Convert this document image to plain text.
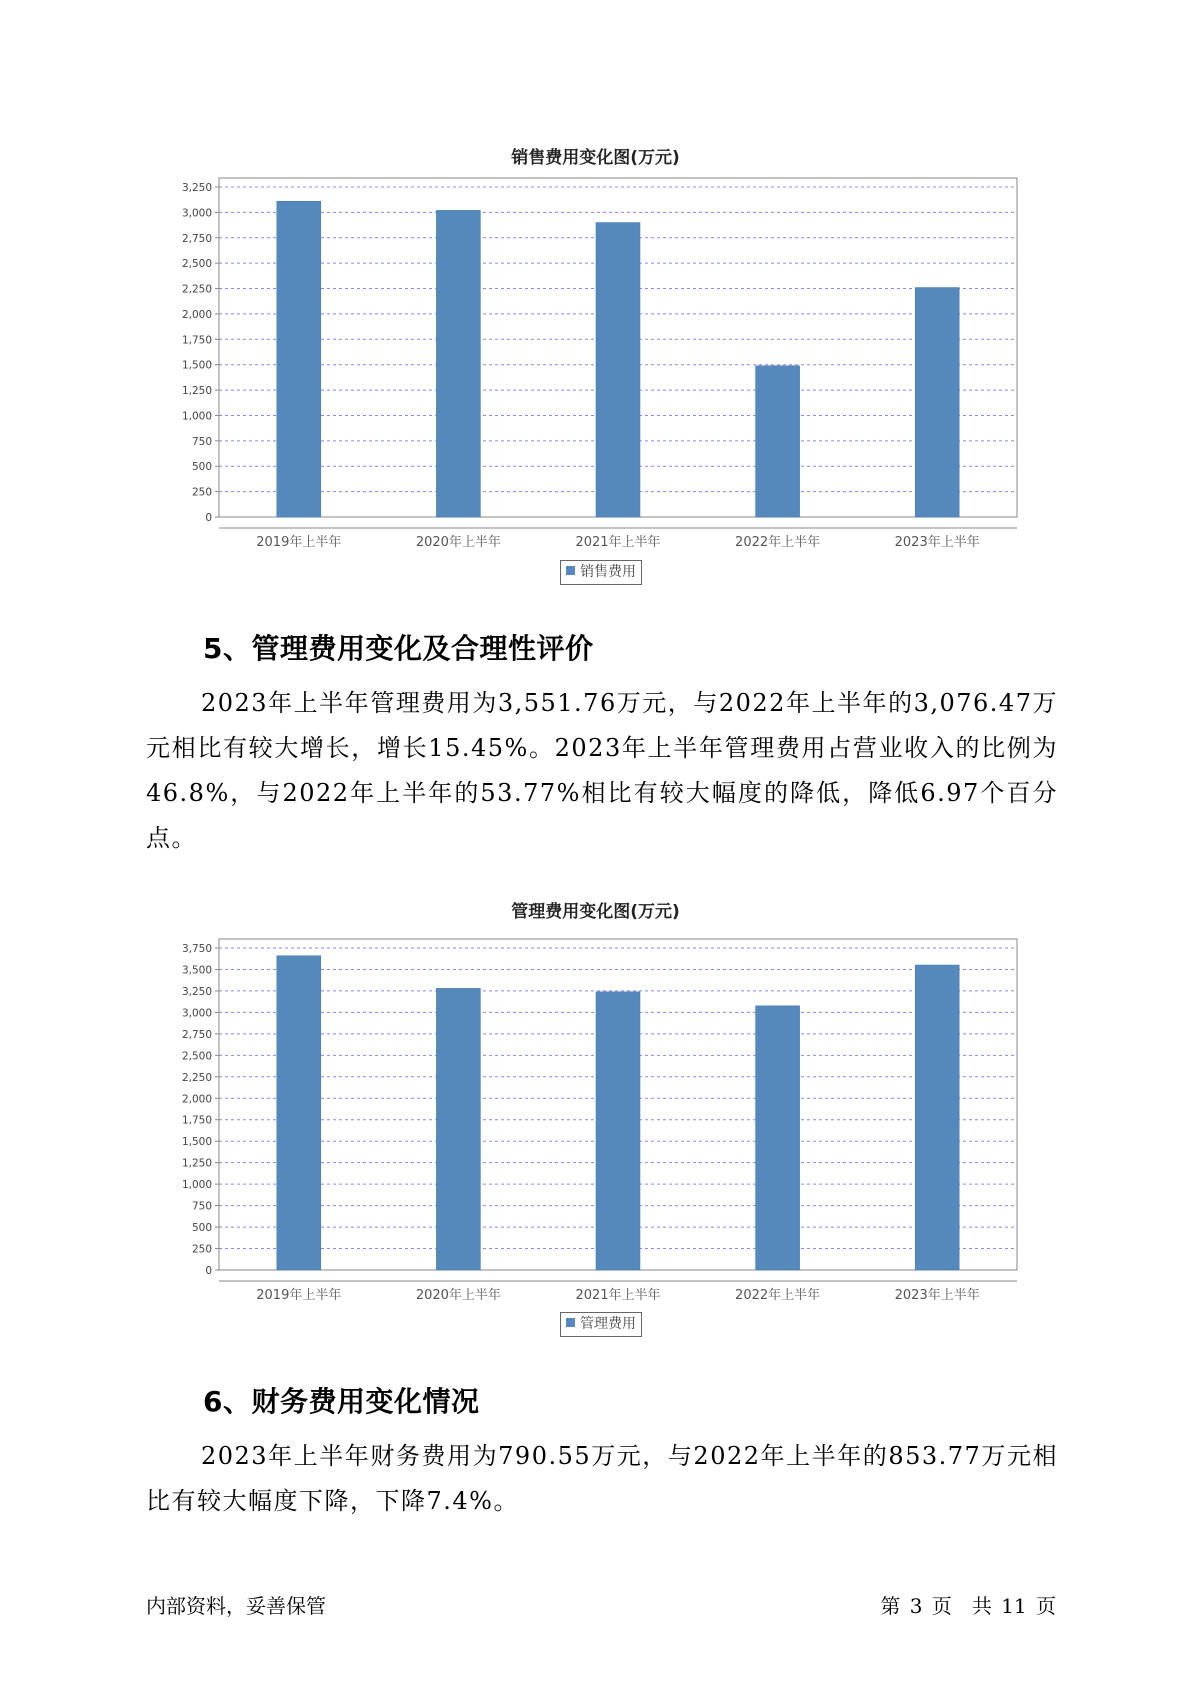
销售费用变化图(万元)
0
250
500
750
1,000
1,250
1,500
1,750
2,000
2,250
2,500
2,750
3,000
3,250
2019年上半年	2020年上半年	2021年上半年	2022年上半年	2023年上半年
销售费用
5、管理费用变化及合理性评价

2023年上半年管理费用为3,551.76万元，与2022年上半年的3,076.47万元相比有较大增长，增长15.45%。2023年上半年管理费用占营业收入的比例为46.8%，与2022年上半年的53.77%相比有较大幅度的降低，降低6.97个百分点。

管理费用变化图(万元)
0
250
500
750
1,000
1,250
1,500
1,750
2,000
2,250
2,500
2,750
3,000
3,250
3,500
3,750
2019年上半年	2020年上半年	2021年上半年	2022年上半年	2023年上半年
管理费用
6、财务费用变化情况

2023年上半年财务费用为790.55万元，与2022年上半年的853.77万元相比有较大幅度下降，下降7.4%。

内部资料，妥善保管	第 3 页　共 11 页
